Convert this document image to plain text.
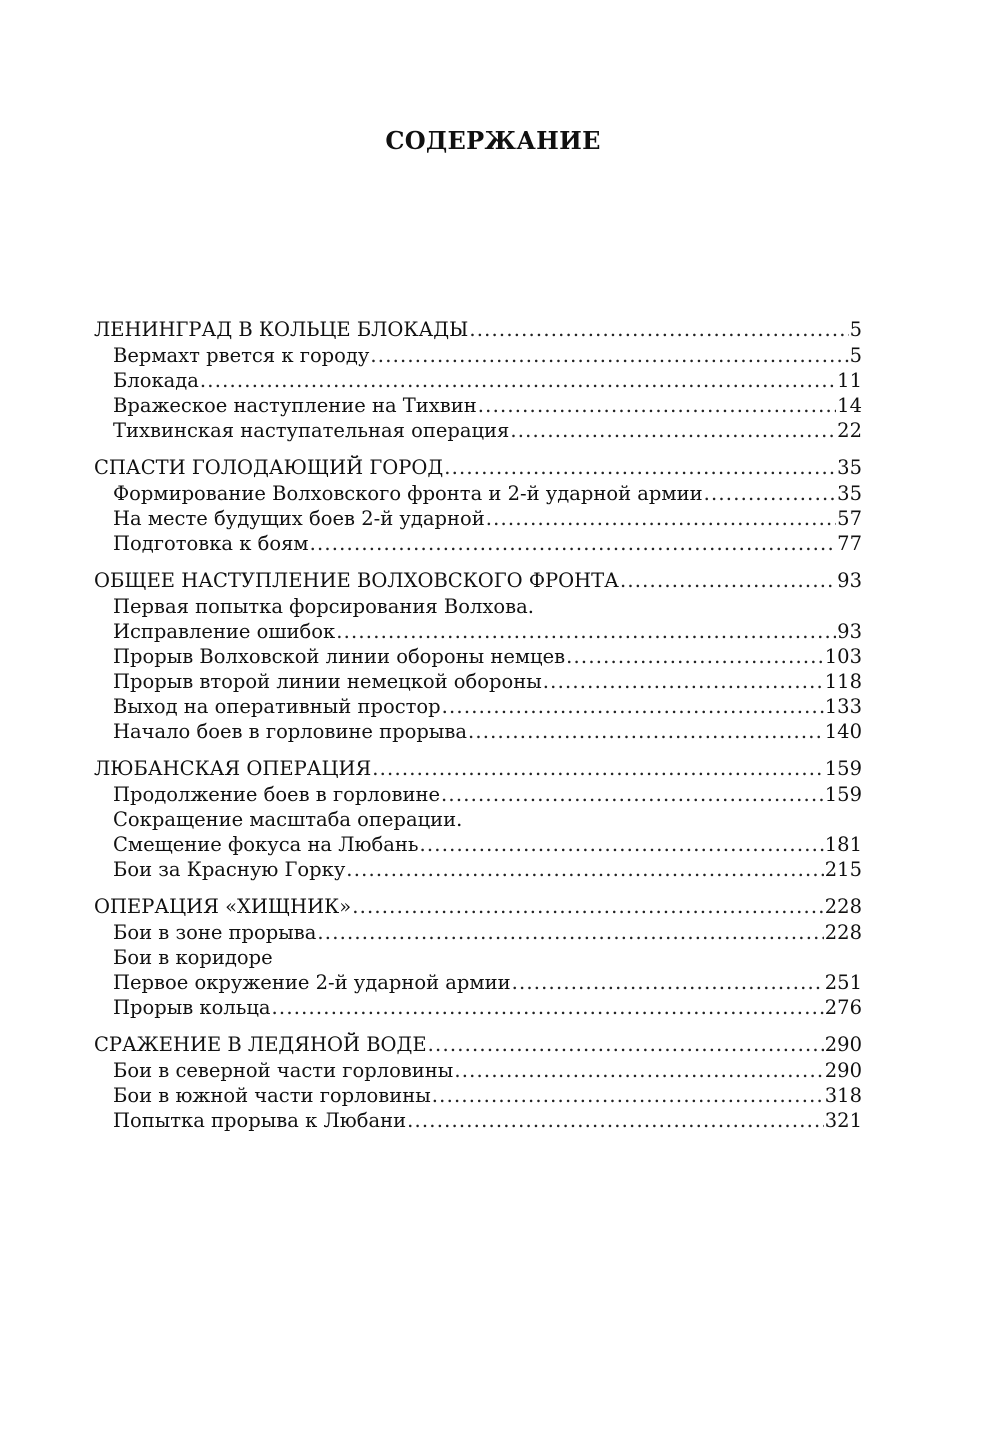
СОДЕРЖАНИЕ
ЛЕНИНГРАД В КОЛЬЦЕ БЛОКАДЫ .....	5
Вермахт рвется к городу .....	5
Блокада .....	11
Вражеское наступление на Тихвин .....	14
Тихвинская наступательная операция .....	22
СПАСТИ ГОЛОДАЮЩИЙ ГОРОД .....	35
Формирование Волховского фронта и 2-й ударной армии .....	35
На месте будущих боев 2-й ударной .....	57
Подготовка к боям .....	77
ОБЩЕЕ НАСТУПЛЕНИЕ ВОЛХОВСКОГО ФРОНТА .....	93
Первая попытка форсирования Волхова.
Исправление ошибок .....	93
Прорыв Волховской линии обороны немцев .....	103
Прорыв второй линии немецкой обороны .....	118
Выход на оперативный простор .....	133
Начало боев в горловине прорыва .....	140
ЛЮБАНСКАЯ ОПЕРАЦИЯ .....	159
Продолжение боев в горловине .....	159
Сокращение масштаба операции.
Смещение фокуса на Любань .....	181
Бои за Красную Горку .....	215
ОПЕРАЦИЯ «ХИЩНИК» .....	228
Бои в зоне прорыва .....	228
Бои в коридоре
Первое окружение 2-й ударной армии .....	251
Прорыв кольца .....	276
СРАЖЕНИЕ В ЛЕДЯНОЙ ВОДЕ .....	290
Бои в северной части горловины .....	290
Бои в южной части горловины .....	318
Попытка прорыва к Любани .....	321
